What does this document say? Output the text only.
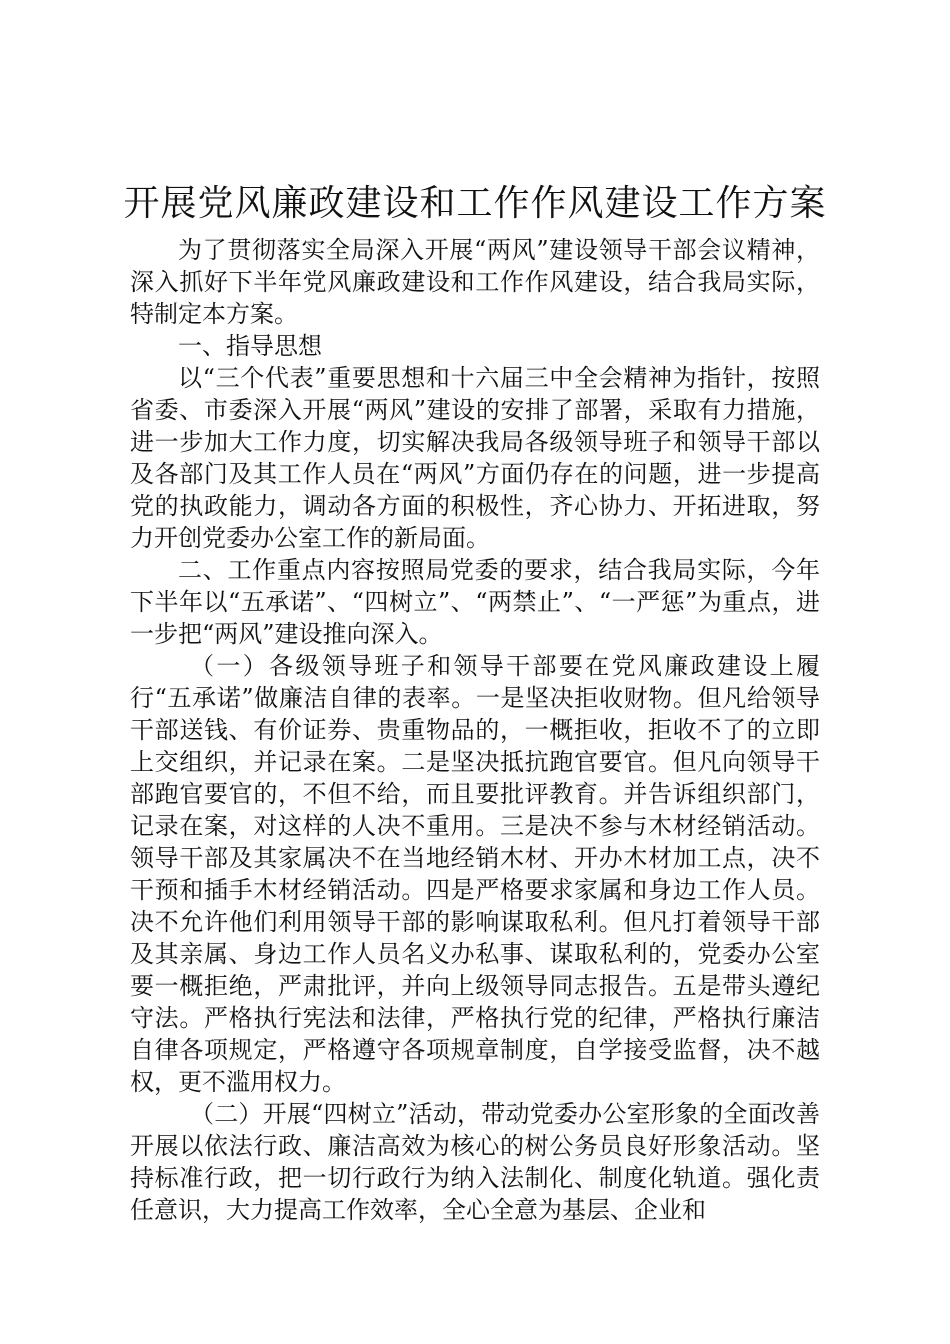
开展党风廉政建设和工作作风建设工作方案

为了贯彻落实全局深入开展“两风”建设领导干部会议精神，深入抓好下半年党风廉政建设和工作作风建设，结合我局实际，特制定本方案。

一、指导思想

以“三个代表”重要思想和十六届三中全会精神为指针，按照省委、市委深入开展“两风”建设的安排了部署，采取有力措施，进一步加大工作力度，切实解决我局各级领导班子和领导干部以及各部门及其工作人员在“两风”方面仍存在的问题，进一步提高党的执政能力，调动各方面的积极性，齐心协力、开拓进取，努力开创党委办公室工作的新局面。

二、工作重点内容按照局党委的要求，结合我局实际，今年下半年以“五承诺”、“四树立”、“两禁止”、“一严惩”为重点，进一步把“两风”建设推向深入。

（一）各级领导班子和领导干部要在党风廉政建设上履行“五承诺”做廉洁自律的表率。一是坚决拒收财物。但凡给领导干部送钱、有价证券、贵重物品的，一概拒收，拒收不了的立即上交组织，并记录在案。二是坚决抵抗跑官要官。但凡向领导干部跑官要官的，不但不给，而且要批评教育。并告诉组织部门，记录在案，对这样的人决不重用。三是决不参与木材经销活动。领导干部及其家属决不在当地经销木材、开办木材加工点，决不干预和插手木材经销活动。四是严格要求家属和身边工作人员。决不允许他们利用领导干部的影响谋取私利。但凡打着领导干部及其亲属、身边工作人员名义办私事、谋取私利的，党委办公室要一概拒绝，严肃批评，并向上级领导同志报告。五是带头遵纪守法。严格执行宪法和法律，严格执行党的纪律，严格执行廉洁自律各项规定，严格遵守各项规章制度，自学接受监督，决不越权，更不滥用权力。

（二）开展“四树立”活动，带动党委办公室形象的全面改善开展以依法行政、廉洁高效为核心的树公务员良好形象活动。坚持标准行政，把一切行政行为纳入法制化、制度化轨道。强化责任意识，大力提高工作效率，全心全意为基层、企业和
